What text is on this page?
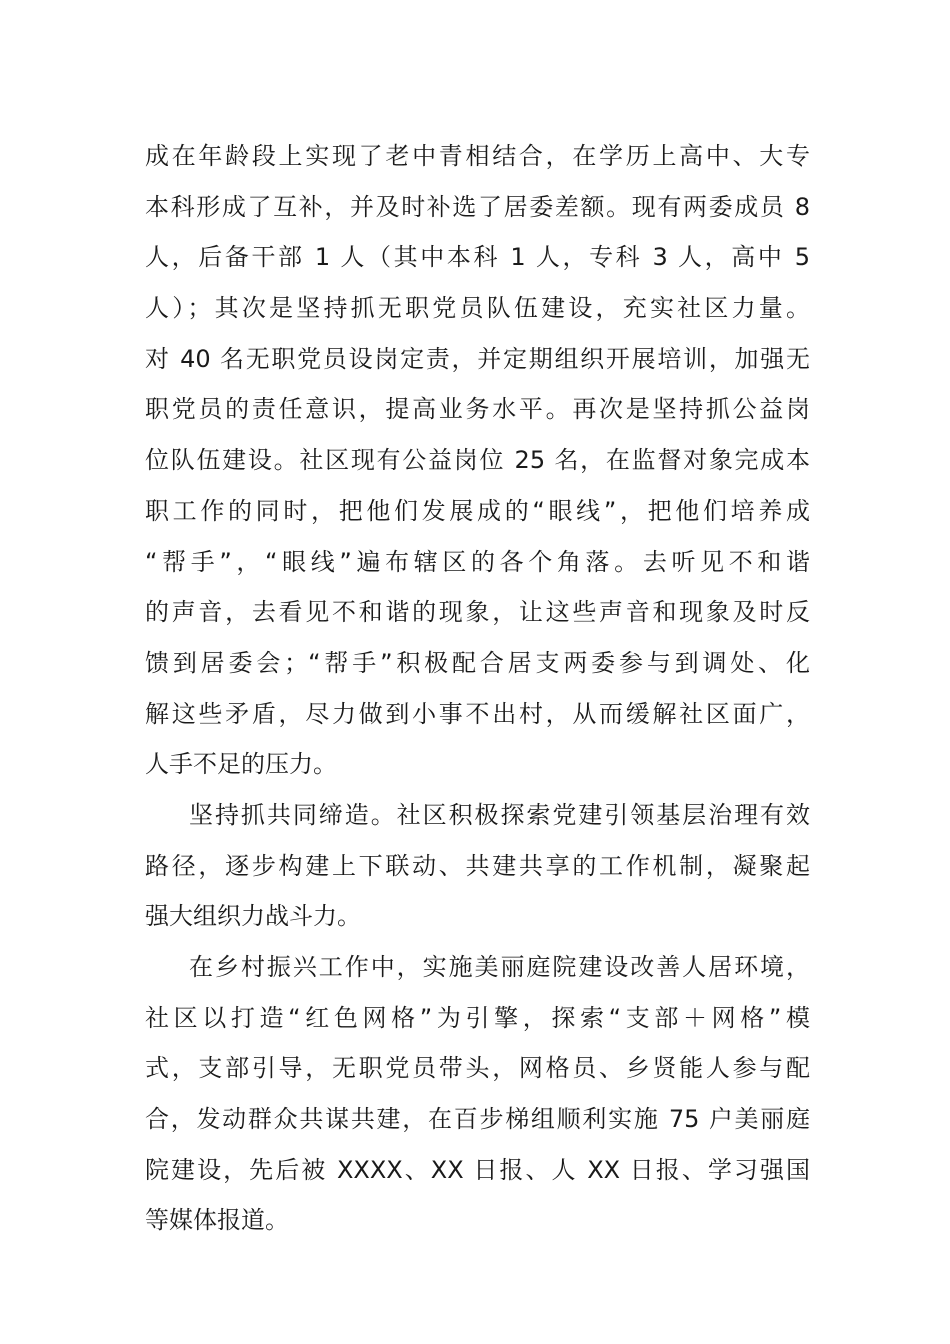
成在年龄段上实现了老中青相结合，在学历上高中、大专
本科形成了互补，并及时补选了居委差额。现有两委成员 8
人，后备干部 1 人（其中本科 1 人，专科 3 人，高中 5
人）；其次是坚持抓无职党员队伍建设，充实社区力量。
对 40 名无职党员设岗定责，并定期组织开展培训，加强无
职党员的责任意识，提高业务水平。再次是坚持抓公益岗
位队伍建设。社区现有公益岗位 25 名，在监督对象完成本
职工作的同时，把他们发展成的“眼线”，把他们培养成
“帮手”，“眼线”遍布辖区的各个角落。去听见不和谐
的声音，去看见不和谐的现象，让这些声音和现象及时反
馈到居委会；“帮手”积极配合居支两委参与到调处、化
解这些矛盾，尽力做到小事不出村，从而缓解社区面广，
人手不足的压力。
坚持抓共同缔造。社区积极探索党建引领基层治理有效
路径，逐步构建上下联动、共建共享的工作机制，凝聚起
强大组织力战斗力。
在乡村振兴工作中，实施美丽庭院建设改善人居环境，
社区以打造“红色网格”为引擎，探索“支部＋网格”模
式，支部引导，无职党员带头，网格员、乡贤能人参与配
合，发动群众共谋共建，在百步梯组顺利实施 75 户美丽庭
院建设，先后被 XXXX、XX 日报、人 XX 日报、学习强国
等媒体报道。
